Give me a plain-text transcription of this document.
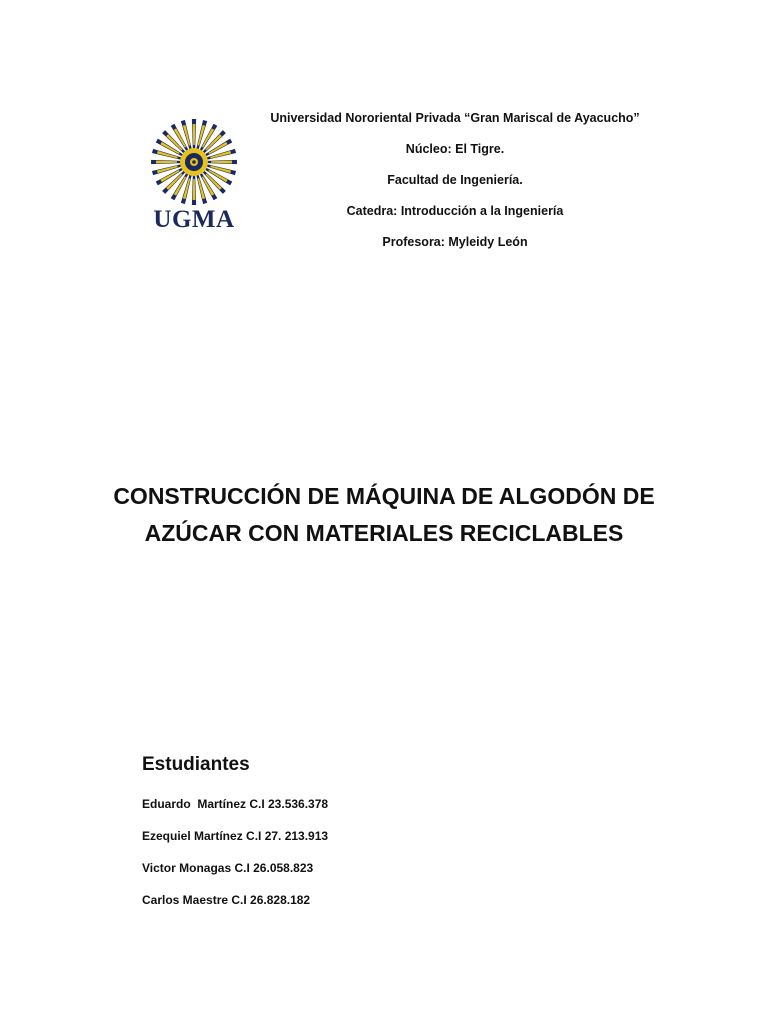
UGMA
Universidad Nororiental Privada “Gran Mariscal de Ayacucho”
Núcleo: El Tigre.
Facultad de Ingeniería.
Catedra: Introducción a la Ingeniería
Profesora: Myleidy León
CONSTRUCCIÓN DE MÁQUINA DE ALGODÓN DE
AZÚCAR CON MATERIALES RECICLABLES
Estudiantes
Eduardo  Martínez C.I 23.536.378
Ezequiel Martínez C.I 27. 213.913
Victor Monagas C.I 26.058.823
Carlos Maestre C.I 26.828.182
